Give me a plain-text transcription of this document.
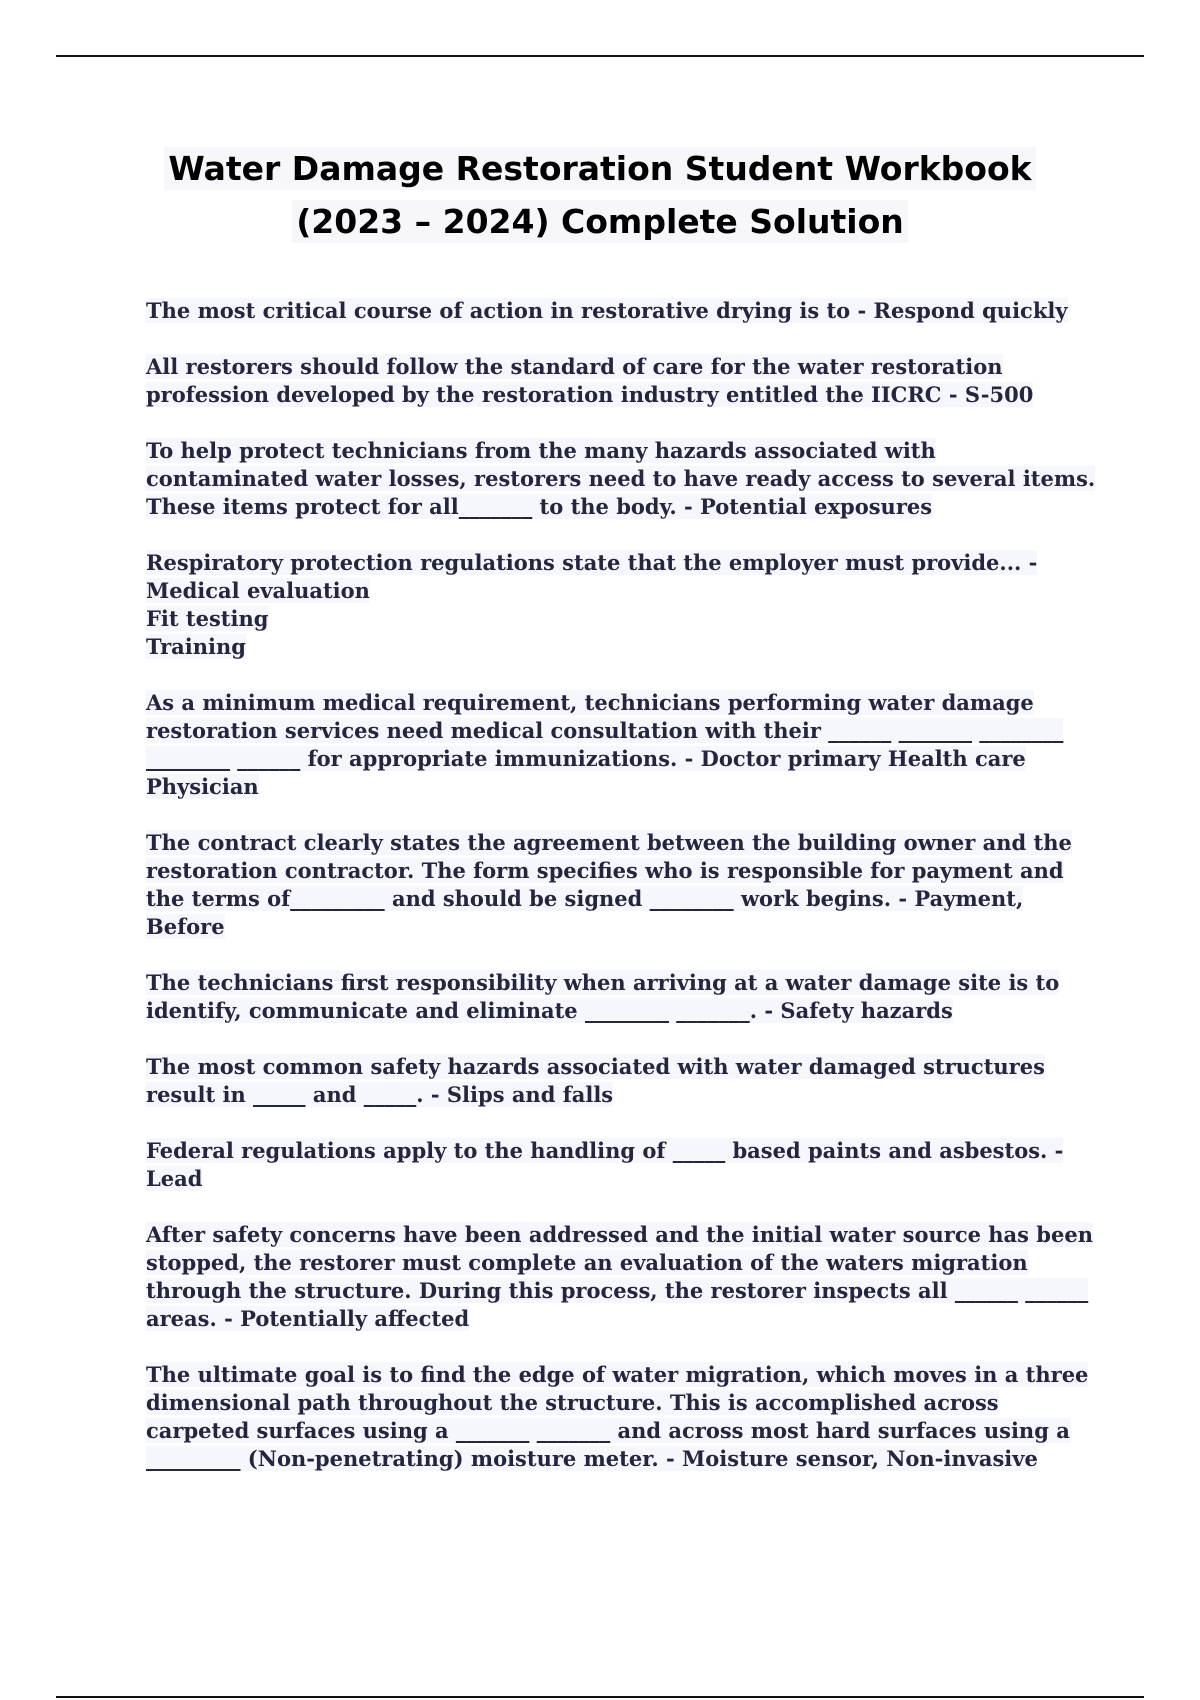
Water Damage Restoration Student Workbook
(2023 – 2024) Complete Solution

The most critical course of action in restorative drying is to - Respond quickly

All restorers should follow the standard of care for the water restoration profession developed by the restoration industry entitled the IICRC - S-500

To help protect technicians from the many hazards associated with contaminated water losses, restorers need to have ready access to several items. These items protect for all_______ to the body. - Potential exposures

Respiratory protection regulations state that the employer must provide... - Medical evaluation
Fit testing
Training

As a minimum medical requirement, technicians performing water damage restoration services need medical consultation with their ______ _______ ________ ________ ______ for appropriate immunizations. - Doctor primary Health care Physician

The contract clearly states the agreement between the building owner and the restoration contractor. The form specifies who is responsible for payment and the terms of_________ and should be signed ________ work begins. - Payment, Before

The technicians first responsibility when arriving at a water damage site is to identify, communicate and eliminate ________ _______. - Safety hazards

The most common safety hazards associated with water damaged structures result in _____ and _____. - Slips and falls

Federal regulations apply to the handling of _____ based paints and asbestos. - Lead

After safety concerns have been addressed and the initial water source has been stopped, the restorer must complete an evaluation of the waters migration through the structure. During this process, the restorer inspects all ______ ______ areas. - Potentially affected

The ultimate goal is to find the edge of water migration, which moves in a three dimensional path throughout the structure. This is accomplished across carpeted surfaces using a _______ _______ and across most hard surfaces using a _________ (Non-penetrating) moisture meter. - Moisture sensor, Non-invasive
